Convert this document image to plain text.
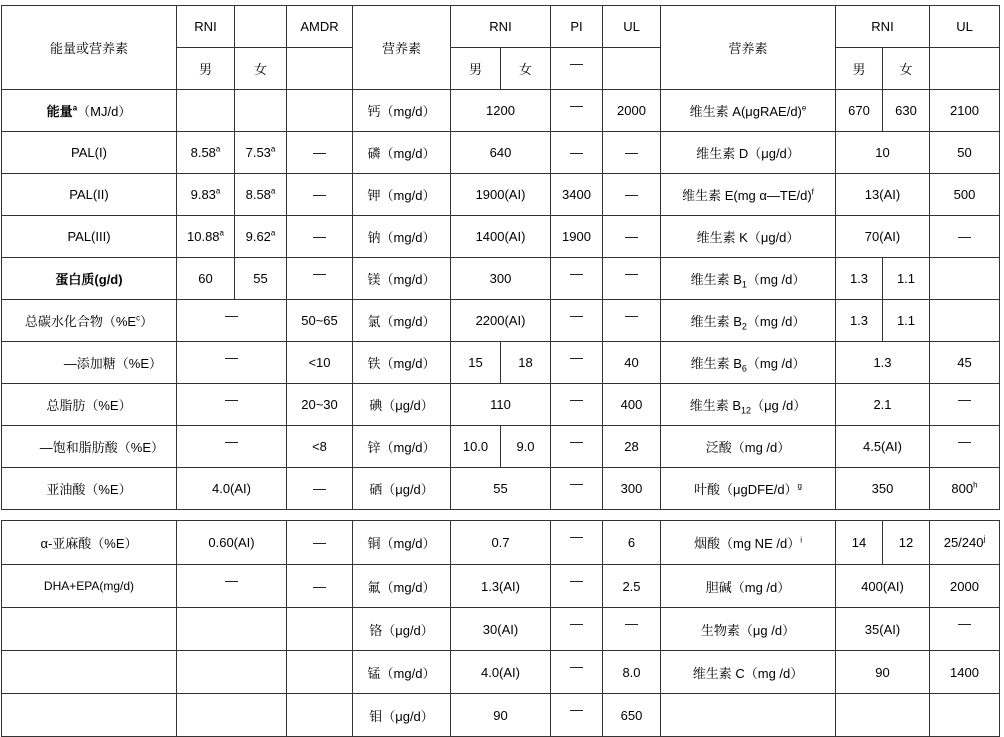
能量或营养素	RNI		AMDR	营养素	RNI		PI	UL	营养素	RNI		UL
	男	女			男	女	—			男	女	
能量$^a$（MJ/d）				钙（mg/d）	1200		—	2000	维生素 A(μgRAE/d)$^e$	670	630	2100
PAL(I)	8.58$^a$	7.53$^a$	—	磷（mg/d）	640		—	—	维生素 D（μg/d）	10		50
PAL(II)	9.83$^a$	8.58$^a$	—	钾（mg/d）	1900(AI)		3400	—	维生素 E(mg α—TE/d)$^f$	13(AI)		500
PAL(III)	10.88$^a$	9.62$^a$	—	钠（mg/d）	1400(AI)		1900	—	维生素 K（μg/d）	70(AI)		—
蛋白质(g/d)	60	55	—	镁（mg/d）	300		—	—	维生素 $B_1(mg$ /d）	1.3	1.1	
总碳水化合物$(\%E^c)$	—		50~65	氯（mg/d）	2200(AI)		—	—	维生素 $B_2(mg$ /d）	1.3	1.1	
—添加糖（%E）	—		<10	铁（mg/d）	15	18	—	40	维生素 $B_6(mg$ /d）	1.3		45
总脂肪（%E）	—		20~30	碘（μg/d）	110		—	400	维生素 $B_{12}(\mu g$ /d）	2.1		—

—饱和脂肪酸（%E）	—		<8	锌（mg/d）	10.0	9.0	—	28	泛酸（mg /d）	4.5(AI)		—

亚油酸（%E）	4.0(AI)		—	硒（μg/d）	55		—	300	叶酸（μgDFE/d）$^g$	350		800$^h$
α-亚麻酸（%E）	0.60(AI)	—	铜（mg/d）	0.7	—	6	烟酸（mg NE /d）$^i$	14	12	25/240$^j$
DHA+EPA(mg/d)	—	—	氟（mg/d）	1.3(AI)	—	2.5	胆碱（mg /d）	400(AI)		2000
			铬（μg/d）	30(AI)	—	—	生物素（μg /d）	35(AI)		—

			锰（mg/d）	4.0(AI)	—	8.0	维生素 C（mg /d）	90		1400
			钼（μg/d）	90	—	650				
